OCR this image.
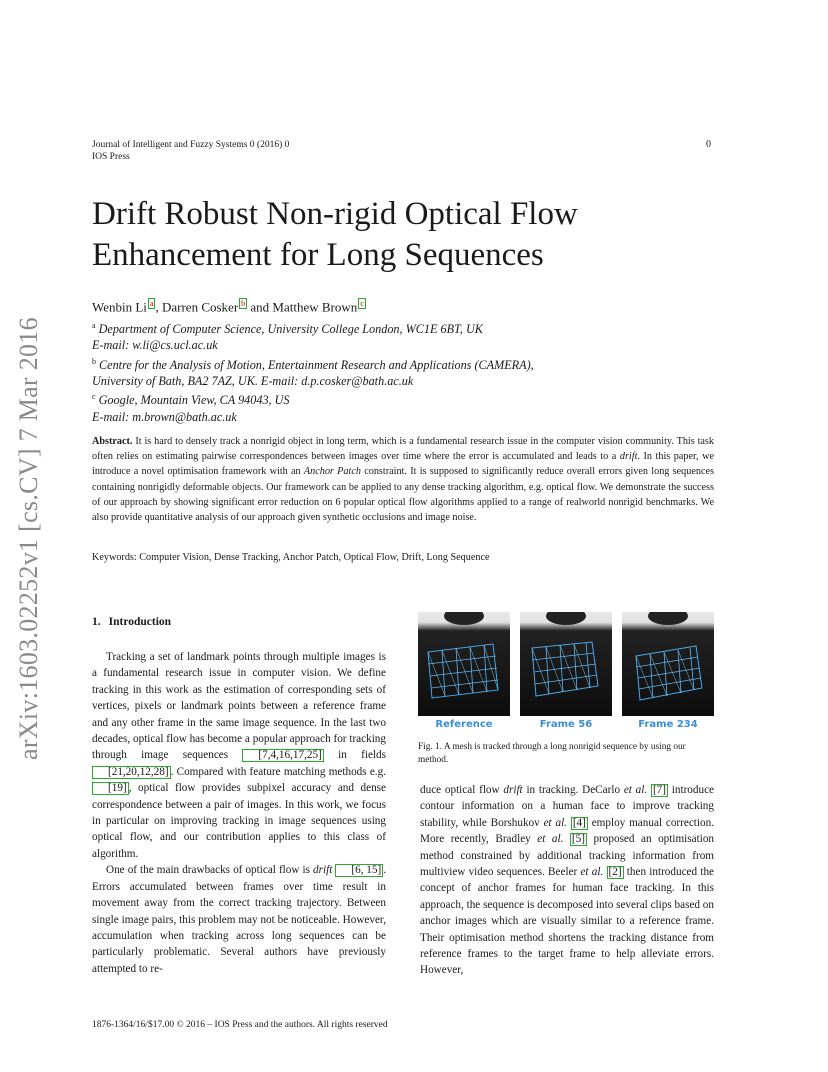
arXiv:1603.02252v1 [cs.CV] 7 Mar 2016
Journal of Intelligent and Fuzzy Systems 0 (2016) 0
IOS Press
0
Drift Robust Non-rigid Optical Flow
Enhancement for Long Sequences
Wenbin Li a , Darren Cosker b and Matthew Brown c
$^a$ Department of Computer Science, University College London, WC1E 6BT, UK
E-mail: w.li@cs.ucl.ac.uk
$^b$ Centre for the Analysis of Motion, Entertainment Research and Applications (CAMERA),
University of Bath, BA2 7AZ, UK. E-mail: d.p.cosker@bath.ac.uk
$^c$ Google, Mountain View, CA 94043, US
E-mail: m.brown@bath.ac.uk
Abstract. It is hard to densely track a nonrigid object in long term, which is a fundamental research issue in the computer vision community. This task often relies on estimating pairwise correspondences between images over time where the error is accumulated and leads to a drift. In this paper, we introduce a novel optimisation framework with an Anchor Patch constraint. It is supposed to significantly reduce overall errors given long sequences containing nonrigidly deformable objects. Our framework can be applied to any dense tracking algorithm, e.g. optical flow. We demonstrate the success of our approach by showing significant error reduction on 6 popular optical flow algorithms applied to a range of realworld nonrigid benchmarks. We also provide quantitative analysis of our approach given synthetic occlusions and image noise.
Keywords: Computer Vision, Dense Tracking, Anchor Patch, Optical Flow, Drift, Long Sequence
1. Introduction

Tracking a set of landmark points through multiple images is a fundamental research issue in computer vision. We define tracking in this work as the estimation of corresponding sets of vertices, pixels or landmark points between a reference frame and any other frame in the same image sequence. In the last two decades, optical flow has become a popular approach for tracking through image sequences [7,4,16,17,25] in fields [21,20,12,28] . Compared with feature matching methods e.g. [19] , optical flow provides subpixel accuracy and dense correspondence between a pair of images. In this work, we focus in particular on improving tracking in image sequences using optical flow, and our contribution applies to this class of algorithm.

One of the main drawbacks of optical flow is drift [6, 15] . Errors accumulated between frames over time result in movement away from the correct tracking trajectory. Between single image pairs, this problem may not be noticeable. However, accumulation when tracking across long sequences can be particularly problematic. Several authors have previously attempted to re-

Reference	Frame 56	Frame 234
Fig. 1. A mesh is tracked through a long nonrigid sequence by using our method.

duce optical flow drift in tracking. DeCarlo et al. [7] introduce contour information on a human face to improve tracking stability, while Borshukov et al. [4] employ manual correction. More recently, Bradley et al. [5] proposed an optimisation method constrained by additional tracking information from multiview video sequences. Beeler et al. [2] then introduced the concept of anchor frames for human face tracking. In this approach, the sequence is decomposed into several clips based on anchor images which are visually similar to a reference frame. Their optimisation method shortens the tracking distance from reference frames to the target frame to help alleviate errors. However,

1876-1364/16/$17.00 © 2016 – IOS Press and the authors. All rights reserved
